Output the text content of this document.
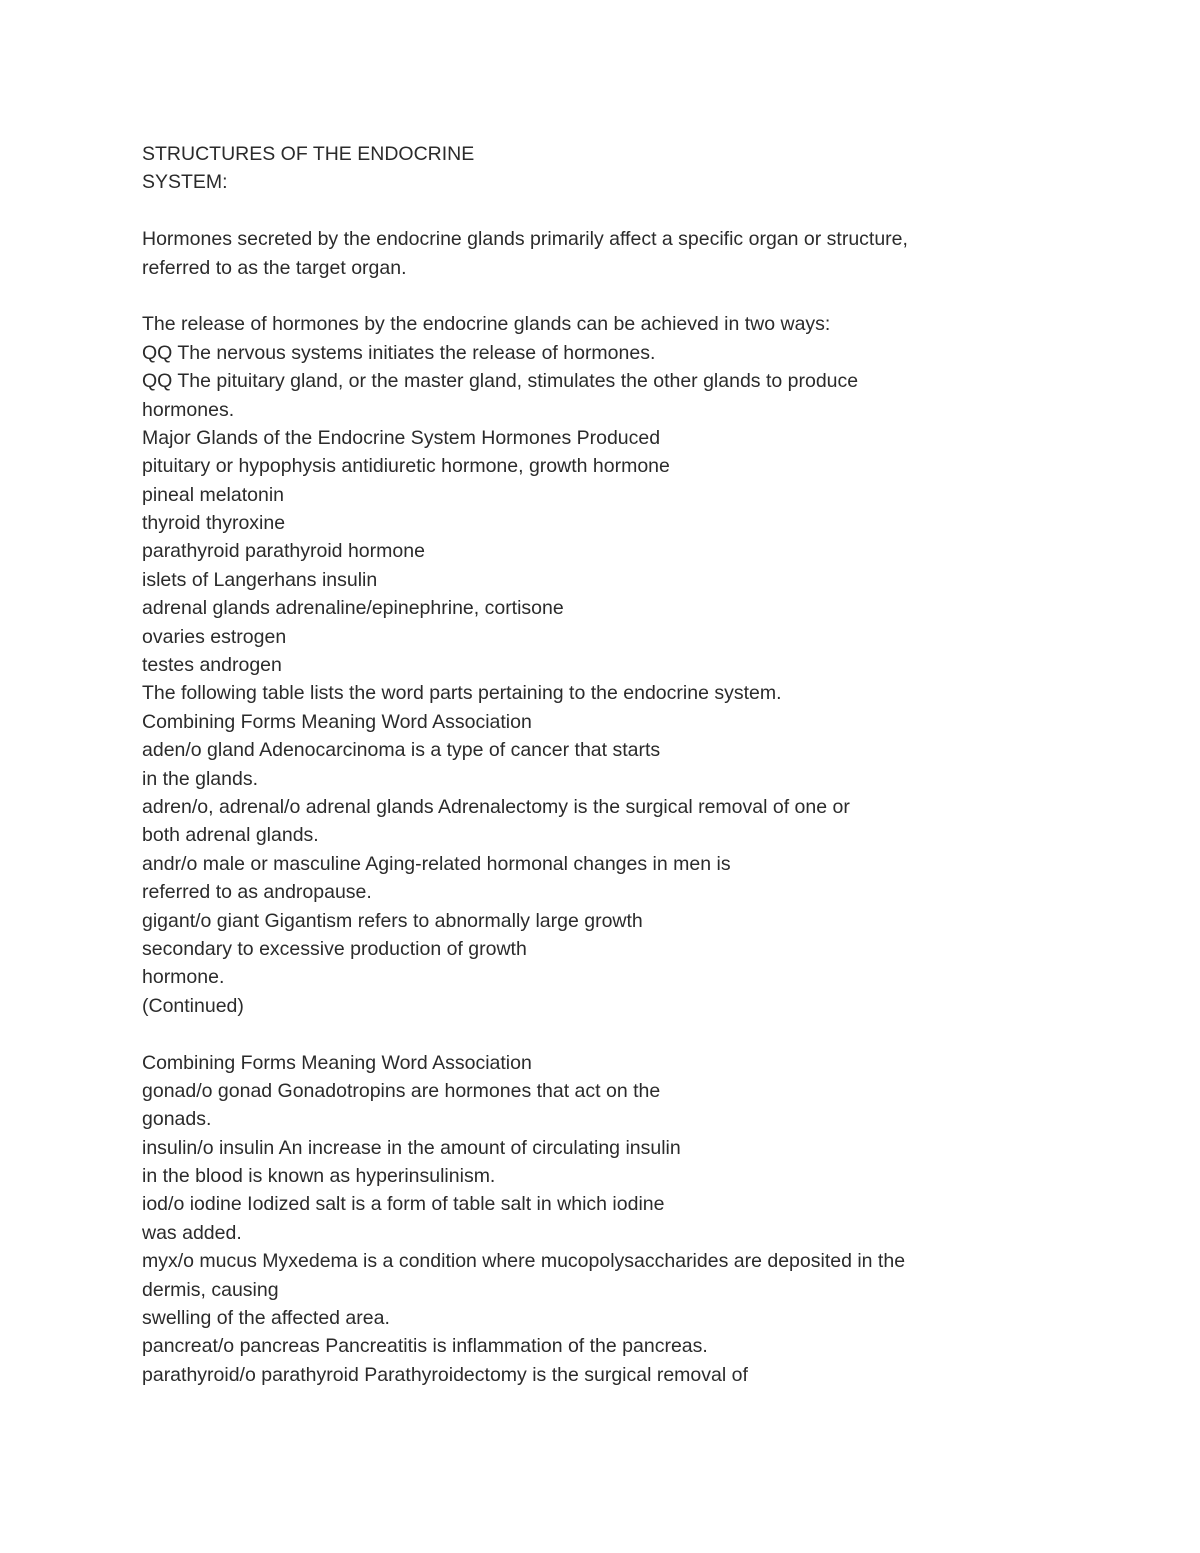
STRUCTURES OF THE ENDOCRINE
SYSTEM:
Hormones secreted by the endocrine glands primarily affect a specific organ or structure,
referred to as the target organ.
The release of hormones by the endocrine glands can be achieved in two ways:
QQ The nervous systems initiates the release of hormones.
QQ The pituitary gland, or the master gland, stimulates the other glands to produce
hormones.
Major Glands of the Endocrine System Hormones Produced
pituitary or hypophysis antidiuretic hormone, growth hormone
pineal melatonin
thyroid thyroxine
parathyroid parathyroid hormone
islets of Langerhans insulin
adrenal glands adrenaline/epinephrine, cortisone
ovaries estrogen
testes androgen
The following table lists the word parts pertaining to the endocrine system.
Combining Forms Meaning Word Association
aden/o gland Adenocarcinoma is a type of cancer that starts
in the glands.
adren/o, adrenal/o adrenal glands Adrenalectomy is the surgical removal of one or
both adrenal glands.
andr/o male or masculine Aging-related hormonal changes in men is
referred to as andropause.
gigant/o giant Gigantism refers to abnormally large growth
secondary to excessive production of growth
hormone.
(Continued)
Combining Forms Meaning Word Association
gonad/o gonad Gonadotropins are hormones that act on the
gonads.
insulin/o insulin An increase in the amount of circulating insulin
in the blood is known as hyperinsulinism.
iod/o iodine Iodized salt is a form of table salt in which iodine
was added.
myx/o mucus Myxedema is a condition where mucopolysaccharides are deposited in the
dermis, causing
swelling of the affected area.
pancreat/o pancreas Pancreatitis is inflammation of the pancreas.
parathyroid/o parathyroid Parathyroidectomy is the surgical removal of
